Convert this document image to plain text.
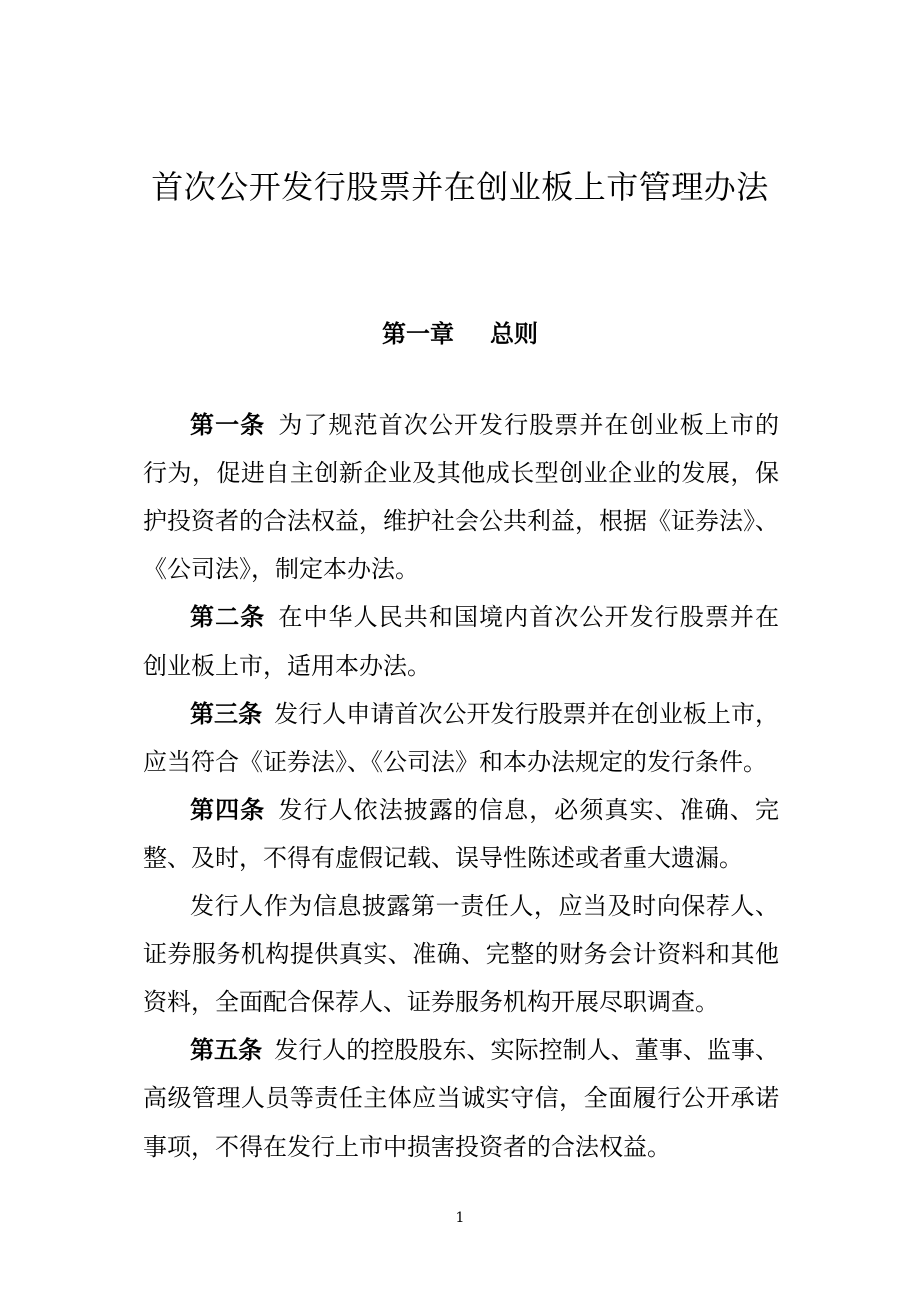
首次公开发行股票并在创业板上市管理办法
第一章   总则
第一条  为了规范首次公开发行股票并在创业板上市的
行为，促进自主创新企业及其他成长型创业企业的发展，保
护投资者的合法权益，维护社会公共利益，根据《证券法》、
《公司法》，制定本办法。
第二条  在中华人民共和国境内首次公开发行股票并在
创业板上市，适用本办法。
第三条  发行人申请首次公开发行股票并在创业板上市，
应当符合《证券法》、《公司法》和本办法规定的发行条件。
第四条  发行人依法披露的信息，必须真实、准确、完
整、及时，不得有虚假记载、误导性陈述或者重大遗漏。
发行人作为信息披露第一责任人，应当及时向保荐人、
证券服务机构提供真实、准确、完整的财务会计资料和其他
资料，全面配合保荐人、证券服务机构开展尽职调查。
第五条  发行人的控股股东、实际控制人、董事、监事、
高级管理人员等责任主体应当诚实守信，全面履行公开承诺
事项，不得在发行上市中损害投资者的合法权益。
1
